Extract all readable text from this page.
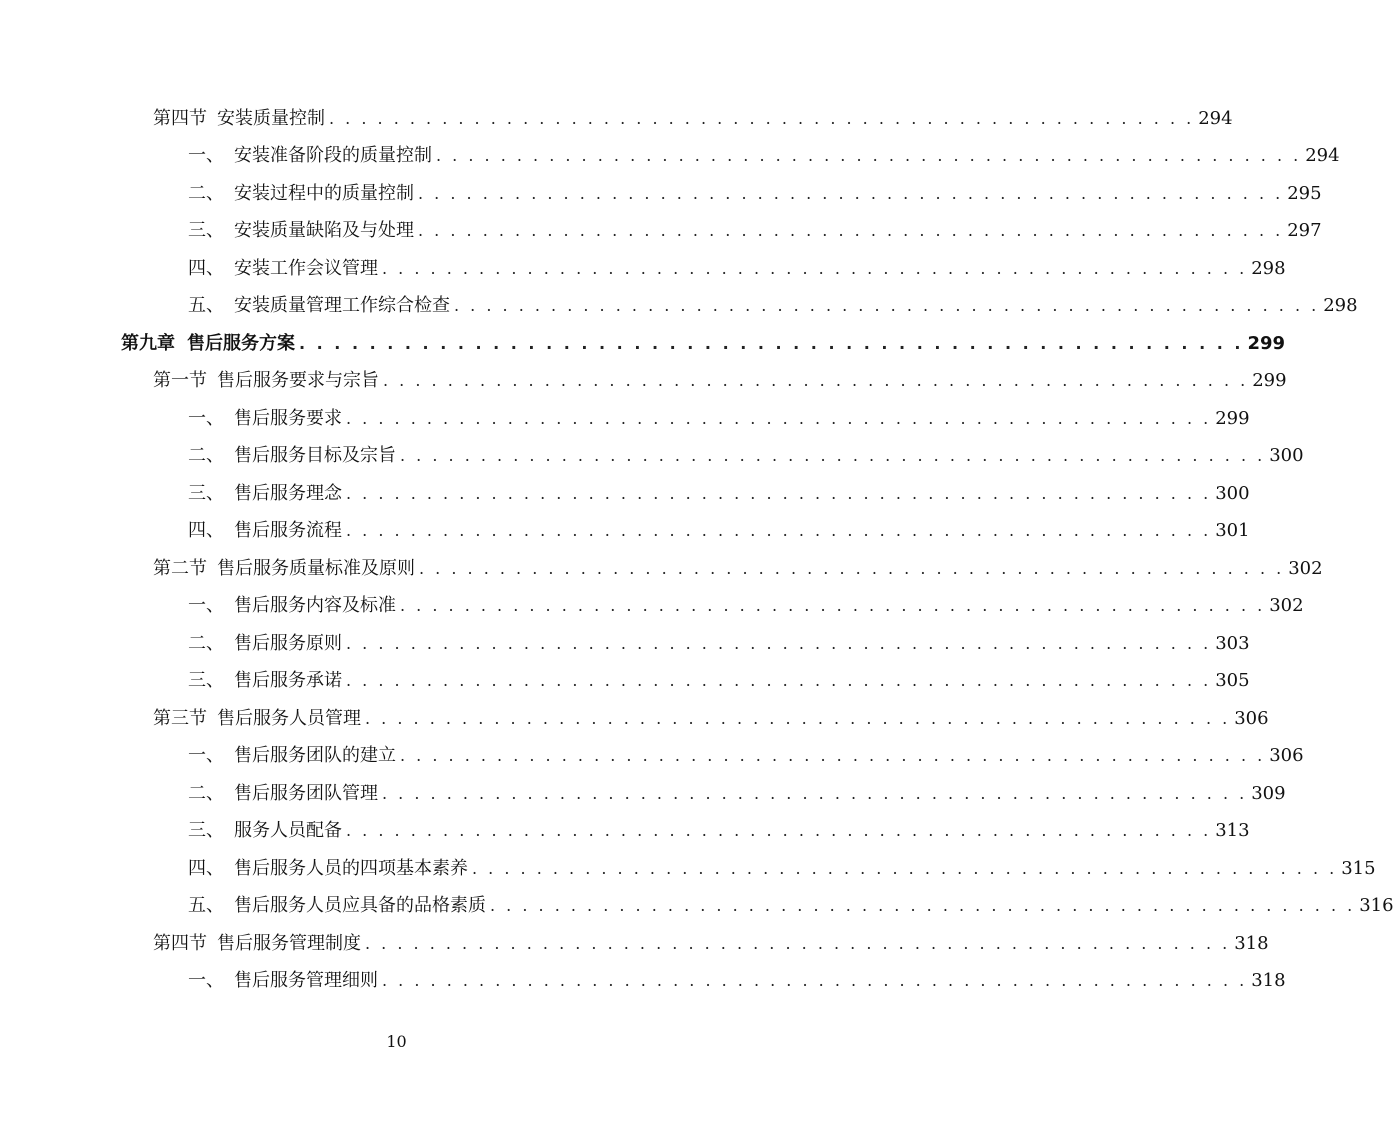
第四节 安装质量控制 . . . . . . . . . . . . . . . . . . . . . . . . . . . . . . . . . . . . . . . . . . . . . . . . . . . . . . 294
一、 安装准备阶段的质量控制 . . . . . . . . . . . . . . . . . . . . . . . . . . . . . . . . . . . . . . . . . . . . . . . . . . . . . . 294
二、 安装过程中的质量控制 . . . . . . . . . . . . . . . . . . . . . . . . . . . . . . . . . . . . . . . . . . . . . . . . . . . . . . 295
三、 安装质量缺陷及与处理 . . . . . . . . . . . . . . . . . . . . . . . . . . . . . . . . . . . . . . . . . . . . . . . . . . . . . . 297
四、 安装工作会议管理 . . . . . . . . . . . . . . . . . . . . . . . . . . . . . . . . . . . . . . . . . . . . . . . . . . . . . . 298
五、 安装质量管理工作综合检查 . . . . . . . . . . . . . . . . . . . . . . . . . . . . . . . . . . . . . . . . . . . . . . . . . . . . . . 298
第九章 售后服务方案 . . . . . . . . . . . . . . . . . . . . . . . . . . . . . . . . . . . . . . . . . . . . . . . . . . . . . . 299
第一节 售后服务要求与宗旨 . . . . . . . . . . . . . . . . . . . . . . . . . . . . . . . . . . . . . . . . . . . . . . . . . . . . . . 299
一、 售后服务要求 . . . . . . . . . . . . . . . . . . . . . . . . . . . . . . . . . . . . . . . . . . . . . . . . . . . . . . 299
二、 售后服务目标及宗旨 . . . . . . . . . . . . . . . . . . . . . . . . . . . . . . . . . . . . . . . . . . . . . . . . . . . . . . 300
三、 售后服务理念 . . . . . . . . . . . . . . . . . . . . . . . . . . . . . . . . . . . . . . . . . . . . . . . . . . . . . . 300
四、 售后服务流程 . . . . . . . . . . . . . . . . . . . . . . . . . . . . . . . . . . . . . . . . . . . . . . . . . . . . . . 301
第二节 售后服务质量标准及原则 . . . . . . . . . . . . . . . . . . . . . . . . . . . . . . . . . . . . . . . . . . . . . . . . . . . . . . 302
一、 售后服务内容及标准 . . . . . . . . . . . . . . . . . . . . . . . . . . . . . . . . . . . . . . . . . . . . . . . . . . . . . . 302
二、 售后服务原则 . . . . . . . . . . . . . . . . . . . . . . . . . . . . . . . . . . . . . . . . . . . . . . . . . . . . . . 303
三、 售后服务承诺 . . . . . . . . . . . . . . . . . . . . . . . . . . . . . . . . . . . . . . . . . . . . . . . . . . . . . . 305
第三节 售后服务人员管理 . . . . . . . . . . . . . . . . . . . . . . . . . . . . . . . . . . . . . . . . . . . . . . . . . . . . . . 306
一、 售后服务团队的建立 . . . . . . . . . . . . . . . . . . . . . . . . . . . . . . . . . . . . . . . . . . . . . . . . . . . . . . 306
二、 售后服务团队管理 . . . . . . . . . . . . . . . . . . . . . . . . . . . . . . . . . . . . . . . . . . . . . . . . . . . . . . 309
三、 服务人员配备 . . . . . . . . . . . . . . . . . . . . . . . . . . . . . . . . . . . . . . . . . . . . . . . . . . . . . . 313
四、 售后服务人员的四项基本素养 . . . . . . . . . . . . . . . . . . . . . . . . . . . . . . . . . . . . . . . . . . . . . . . . . . . . . . 315
五、 售后服务人员应具备的品格素质 . . . . . . . . . . . . . . . . . . . . . . . . . . . . . . . . . . . . . . . . . . . . . . . . . . . . . . 316
第四节 售后服务管理制度 . . . . . . . . . . . . . . . . . . . . . . . . . . . . . . . . . . . . . . . . . . . . . . . . . . . . . . 318
一、 售后服务管理细则 . . . . . . . . . . . . . . . . . . . . . . . . . . . . . . . . . . . . . . . . . . . . . . . . . . . . . . 318
10
